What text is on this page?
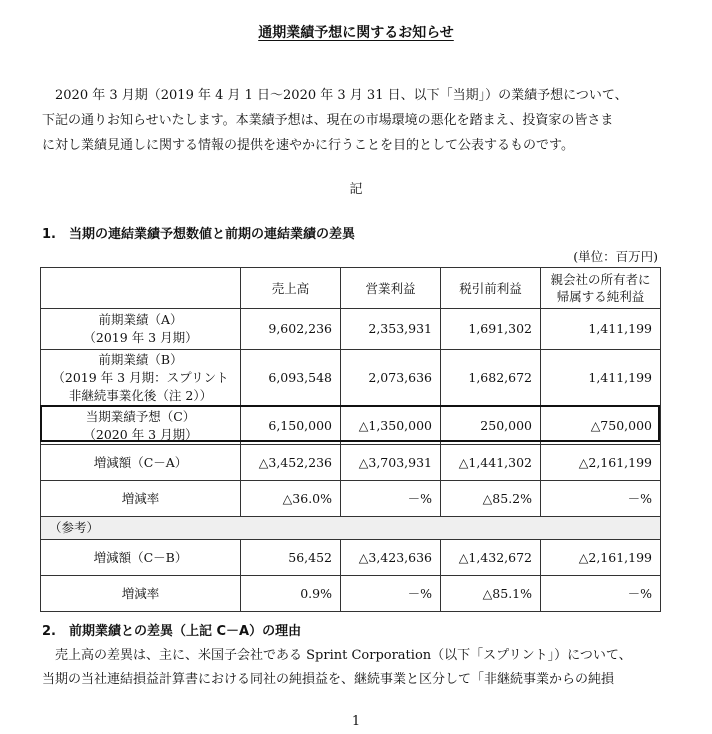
通期業績予想に関するお知らせ

　2020 年 3 月期（2019 年 4 月 1 日～2020 年 3 月 31 日、以下「当期」）の業績予想について、

下記の通りお知らせいたします。本業績予想は、現在の市場環境の悪化を踏まえ、投資家の皆さま

に対し業績見通しに関する情報の提供を速やかに行うことを目的として公表するものです。

記
1.　当期の連結業績予想数値と前期の連結業績の差異
(単位：百万円)
	売上高	営業利益	税引前利益	親会社の所有者に
帰属する純利益
前期業績（A）
（2019 年 3 月期）	9,602,236	2,353,931	1,691,302	1,411,199
前期業績（B）
（2019 年 3 月期：スプリント
非継続事業化後（注 2））	6,093,548	2,073,636	1,682,672	1,411,199
当期業績予想（C）
（2020 年 3 月期）	6,150,000	△1,350,000	250,000	△750,000
増減額（C－A）	△3,452,236	△3,703,931	△1,441,302	△2,161,199
増減率	△36.0%	－%	△85.2%	－%
（参考）				
増減額（C－B）	56,452	△3,423,636	△1,432,672	△2,161,199
増減率	0.9%	－%	△85.1%	－%
2.　前期業績との差異（上記 C－A）の理由

　売上高の差異は、主に、米国子会社である Sprint Corporation（以下「スプリント」）について、

当期の当社連結損益計算書における同社の純損益を、継続事業と区分して「非継続事業からの純損

1
